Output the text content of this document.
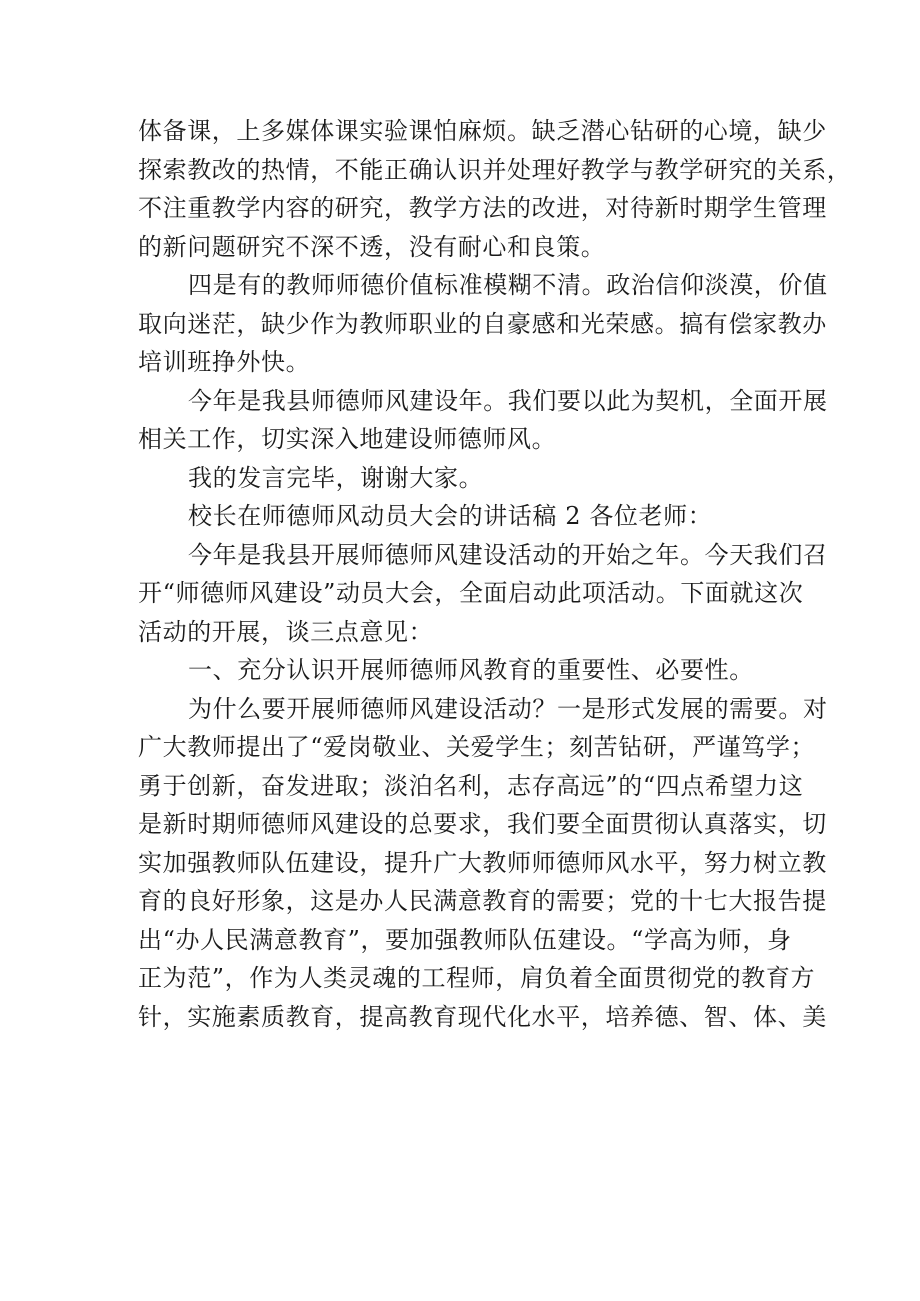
体备课，上多媒体课实验课怕麻烦。缺乏潜心钻研的心境，缺少
探索教改的热情，不能正确认识并处理好教学与教学研究的关系，
不注重教学内容的研究，教学方法的改进，对待新时期学生管理
的新问题研究不深不透，没有耐心和良策。
四是有的教师师德价值标准模糊不清。政治信仰淡漠，价值
取向迷茫，缺少作为教师职业的自豪感和光荣感。搞有偿家教办
培训班挣外快。
今年是我县师德师风建设年。我们要以此为契机，全面开展
相关工作，切实深入地建设师德师风。
我的发言完毕，谢谢大家。
校长在师德师风动员大会的讲话稿 2 各位老师：
今年是我县开展师德师风建设活动的开始之年。今天我们召
开“师德师风建设”动员大会，全面启动此项活动。下面就这次
活动的开展，谈三点意见：
一、充分认识开展师德师风教育的重要性、必要性。
为什么要开展师德师风建设活动？一是形式发展的需要。对
广大教师提出了“爱岗敬业、关爱学生；刻苦钻研，严谨笃学；
勇于创新，奋发进取；淡泊名利，志存高远”的“四点希望力这
是新时期师德师风建设的总要求，我们要全面贯彻认真落实，切
实加强教师队伍建设，提升广大教师师德师风水平，努力树立教
育的良好形象，这是办人民满意教育的需要；党的十七大报告提
出“办人民满意教育”，要加强教师队伍建设。“学高为师，身
正为范”，作为人类灵魂的工程师，肩负着全面贯彻党的教育方
针，实施素质教育，提高教育现代化水平，培养德、智、体、美
